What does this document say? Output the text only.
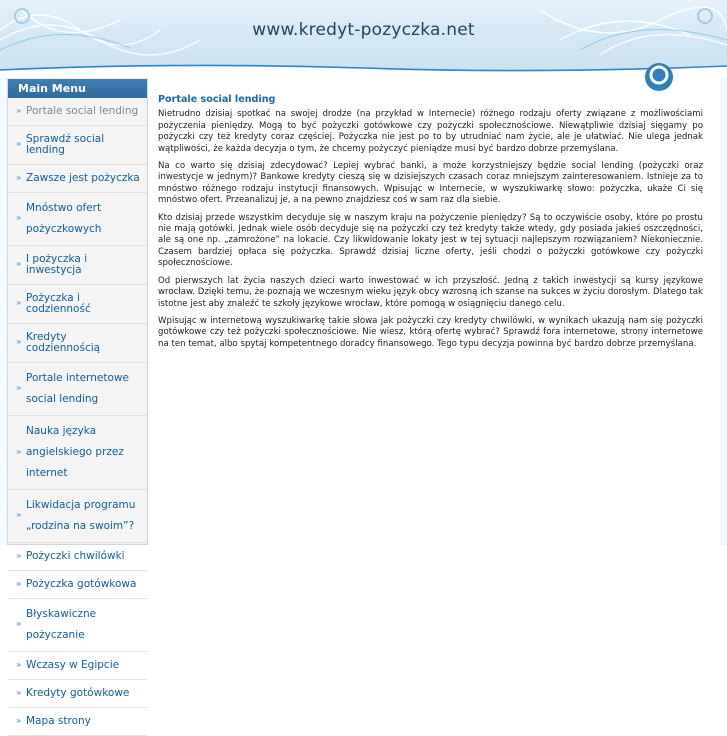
www.kredyt-pozyczka.net
Main Menu
» Portale social lending
» Sprawdź social lending
» Zawsze jest pożyczka
»
Mnóstwo ofert pożyczkowych
» I pożyczka i inwestycja
» Pożyczka i codzienność
» Kredyty codziennością
»
Portale internetowe social lending
»
Nauka języka angielskiego przez internet
»
Likwidacja programu „rodzina na swoim”?
» Pożyczki chwilówki
» Pożyczka gotówkowa
»
Błyskawiczne pożyczanie
» Wczasy w Egipcie
» Kredyty gotówkowe
» Mapa strony
Portale social lending

Nietrudno dzisiaj spotkać na swojej drodze (na przykład w Internecie) różnego rodzaju oferty związane z możliwościami pożyczenia pieniędzy. Mogą to być pożyczki gotówkowe czy pożyczki społecznościowe. Niewątpliwie dzisiaj sięgamy po pożyczki czy też kredyty coraz częściej. Pożyczka nie jest po to by utrudniać nam życie, ale je ułatwiać. Nie ulega jednak wątpliwości, że każda decyzja o tym, że chcemy pożyczyć pieniądze musi być bardzo dobrze przemyślana.

Na co warto się dzisiaj zdecydować? Lepiej wybrać banki, a może korzystniejszy będzie social lending (pożyczki oraz inwestycje w jednym)? Bankowe kredyty cieszą się w dzisiejszych czasach coraz mniejszym zainteresowaniem. Istnieje za to mnóstwo różnego rodzaju instytucji finansowych. Wpisując w Internecie, w wyszukiwarkę słowo: pożyczka, ukaże Ci się mnóstwo ofert. Przeanalizuj je, a na pewno znajdziesz coś w sam raz dla siebie.

Kto dzisiaj przede wszystkim decyduje się w naszym kraju na pożyczenie pieniędzy? Są to oczywiście osoby, które po prostu nie mają gotówki. Jednak wiele osób decyduje się na pożyczki czy też kredyty także wtedy, gdy posiada jakieś oszczędności, ale są one np. „zamrożone” na lokacie. Czy likwidowanie lokaty jest w tej sytuacji najlepszym rozwiązaniem? Niekoniecznie. Czasem bardziej opłaca się pożyczka. Sprawdź dzisiaj liczne oferty, jeśli chodzi o pożyczki gotówkowe czy pożyczki społecznościowe.

Od pierwszych lat życia naszych dzieci warto inwestować w ich przyszłość. Jedną z takich inwestycji są kursy językowe wrocław. Dzięki temu, że poznają we wczesnym wieku język obcy wzrosną ich szanse na sukces w życiu dorosłym. Dlatego tak istotne jest aby znaleźć te szkoły językowe wrocław, które pomogą w osiągnięciu danego celu.

Wpisując w internetową wyszukiwarkę takie słowa jak pożyczki czy kredyty chwilówki, w wynikach ukazują nam się pożyczki gotówkowe czy też pożyczki społecznościowe. Nie wiesz, którą ofertę wybrać? Sprawdź fora internetowe, strony internetowe na ten temat, albo spytaj kompetentnego doradcy finansowego. Tego typu decyzja powinna być bardzo dobrze przemyślana.
